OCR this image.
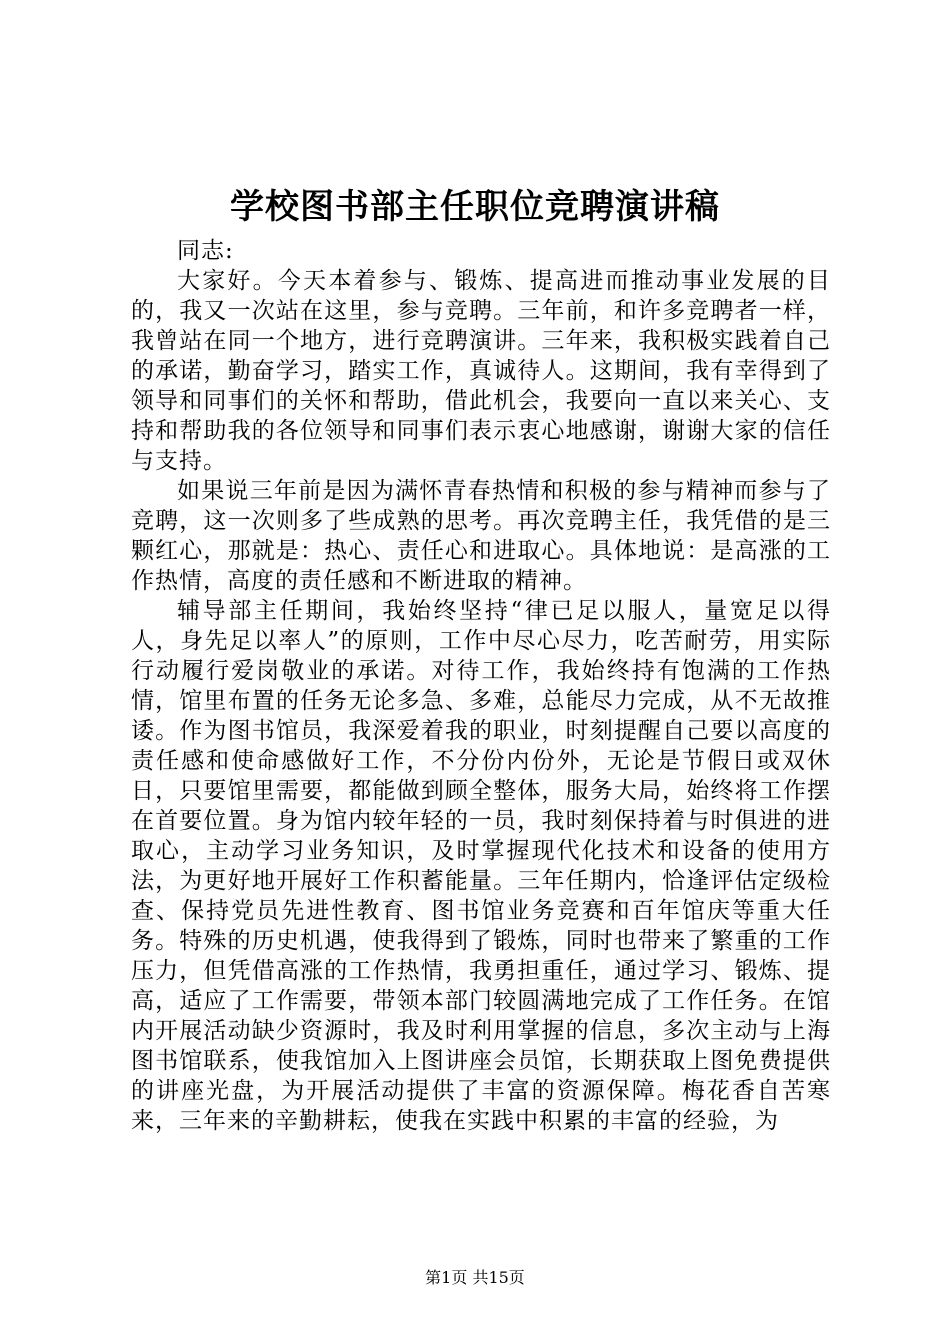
学校图书部主任职位竞聘演讲稿

同志:

大家好。今天本着参与、锻炼、提高进而推动事业发展的目的，我又一次站在这里，参与竞聘。三年前，和许多竞聘者一样，我曾站在同一个地方，进行竞聘演讲。三年来，我积极实践着自己的承诺，勤奋学习，踏实工作，真诚待人。这期间，我有幸得到了领导和同事们的关怀和帮助，借此机会，我要向一直以来关心、支持和帮助我的各位领导和同事们表示衷心地感谢，谢谢大家的信任与支持。

如果说三年前是因为满怀青春热情和积极的参与精神而参与了竞聘，这一次则多了些成熟的思考。再次竞聘主任，我凭借的是三颗红心，那就是：热心、责任心和进取心。具体地说：是高涨的工作热情，高度的责任感和不断进取的精神。

辅导部主任期间，我始终坚持“律已足以服人，量宽足以得人，身先足以率人”的原则，工作中尽心尽力，吃苦耐劳，用实际行动履行爱岗敬业的承诺。对待工作，我始终持有饱满的工作热情，馆里布置的任务无论多急、多难，总能尽力完成，从不无故推诿。作为图书馆员，我深爱着我的职业，时刻提醒自己要以高度的责任感和使命感做好工作，不分份内份外，无论是节假日或双休日，只要馆里需要，都能做到顾全整体，服务大局，始终将工作摆在首要位置。身为馆内较年轻的一员，我时刻保持着与时俱进的进取心，主动学习业务知识，及时掌握现代化技术和设备的使用方法，为更好地开展好工作积蓄能量。三年任期内，恰逢评估定级检查、保持党员先进性教育、图书馆业务竞赛和百年馆庆等重大任务。特殊的历史机遇，使我得到了锻炼，同时也带来了繁重的工作压力，但凭借高涨的工作热情，我勇担重任，通过学习、锻炼、提高，适应了工作需要，带领本部门较圆满地完成了工作任务。在馆内开展活动缺少资源时，我及时利用掌握的信息，多次主动与上海图书馆联系，使我馆加入上图讲座会员馆，长期获取上图免费提供的讲座光盘，为开展活动提供了丰富的资源保障。梅花香自苦寒来，三年来的辛勤耕耘，使我在实践中积累的丰富的经验，为

第1页 共15页
